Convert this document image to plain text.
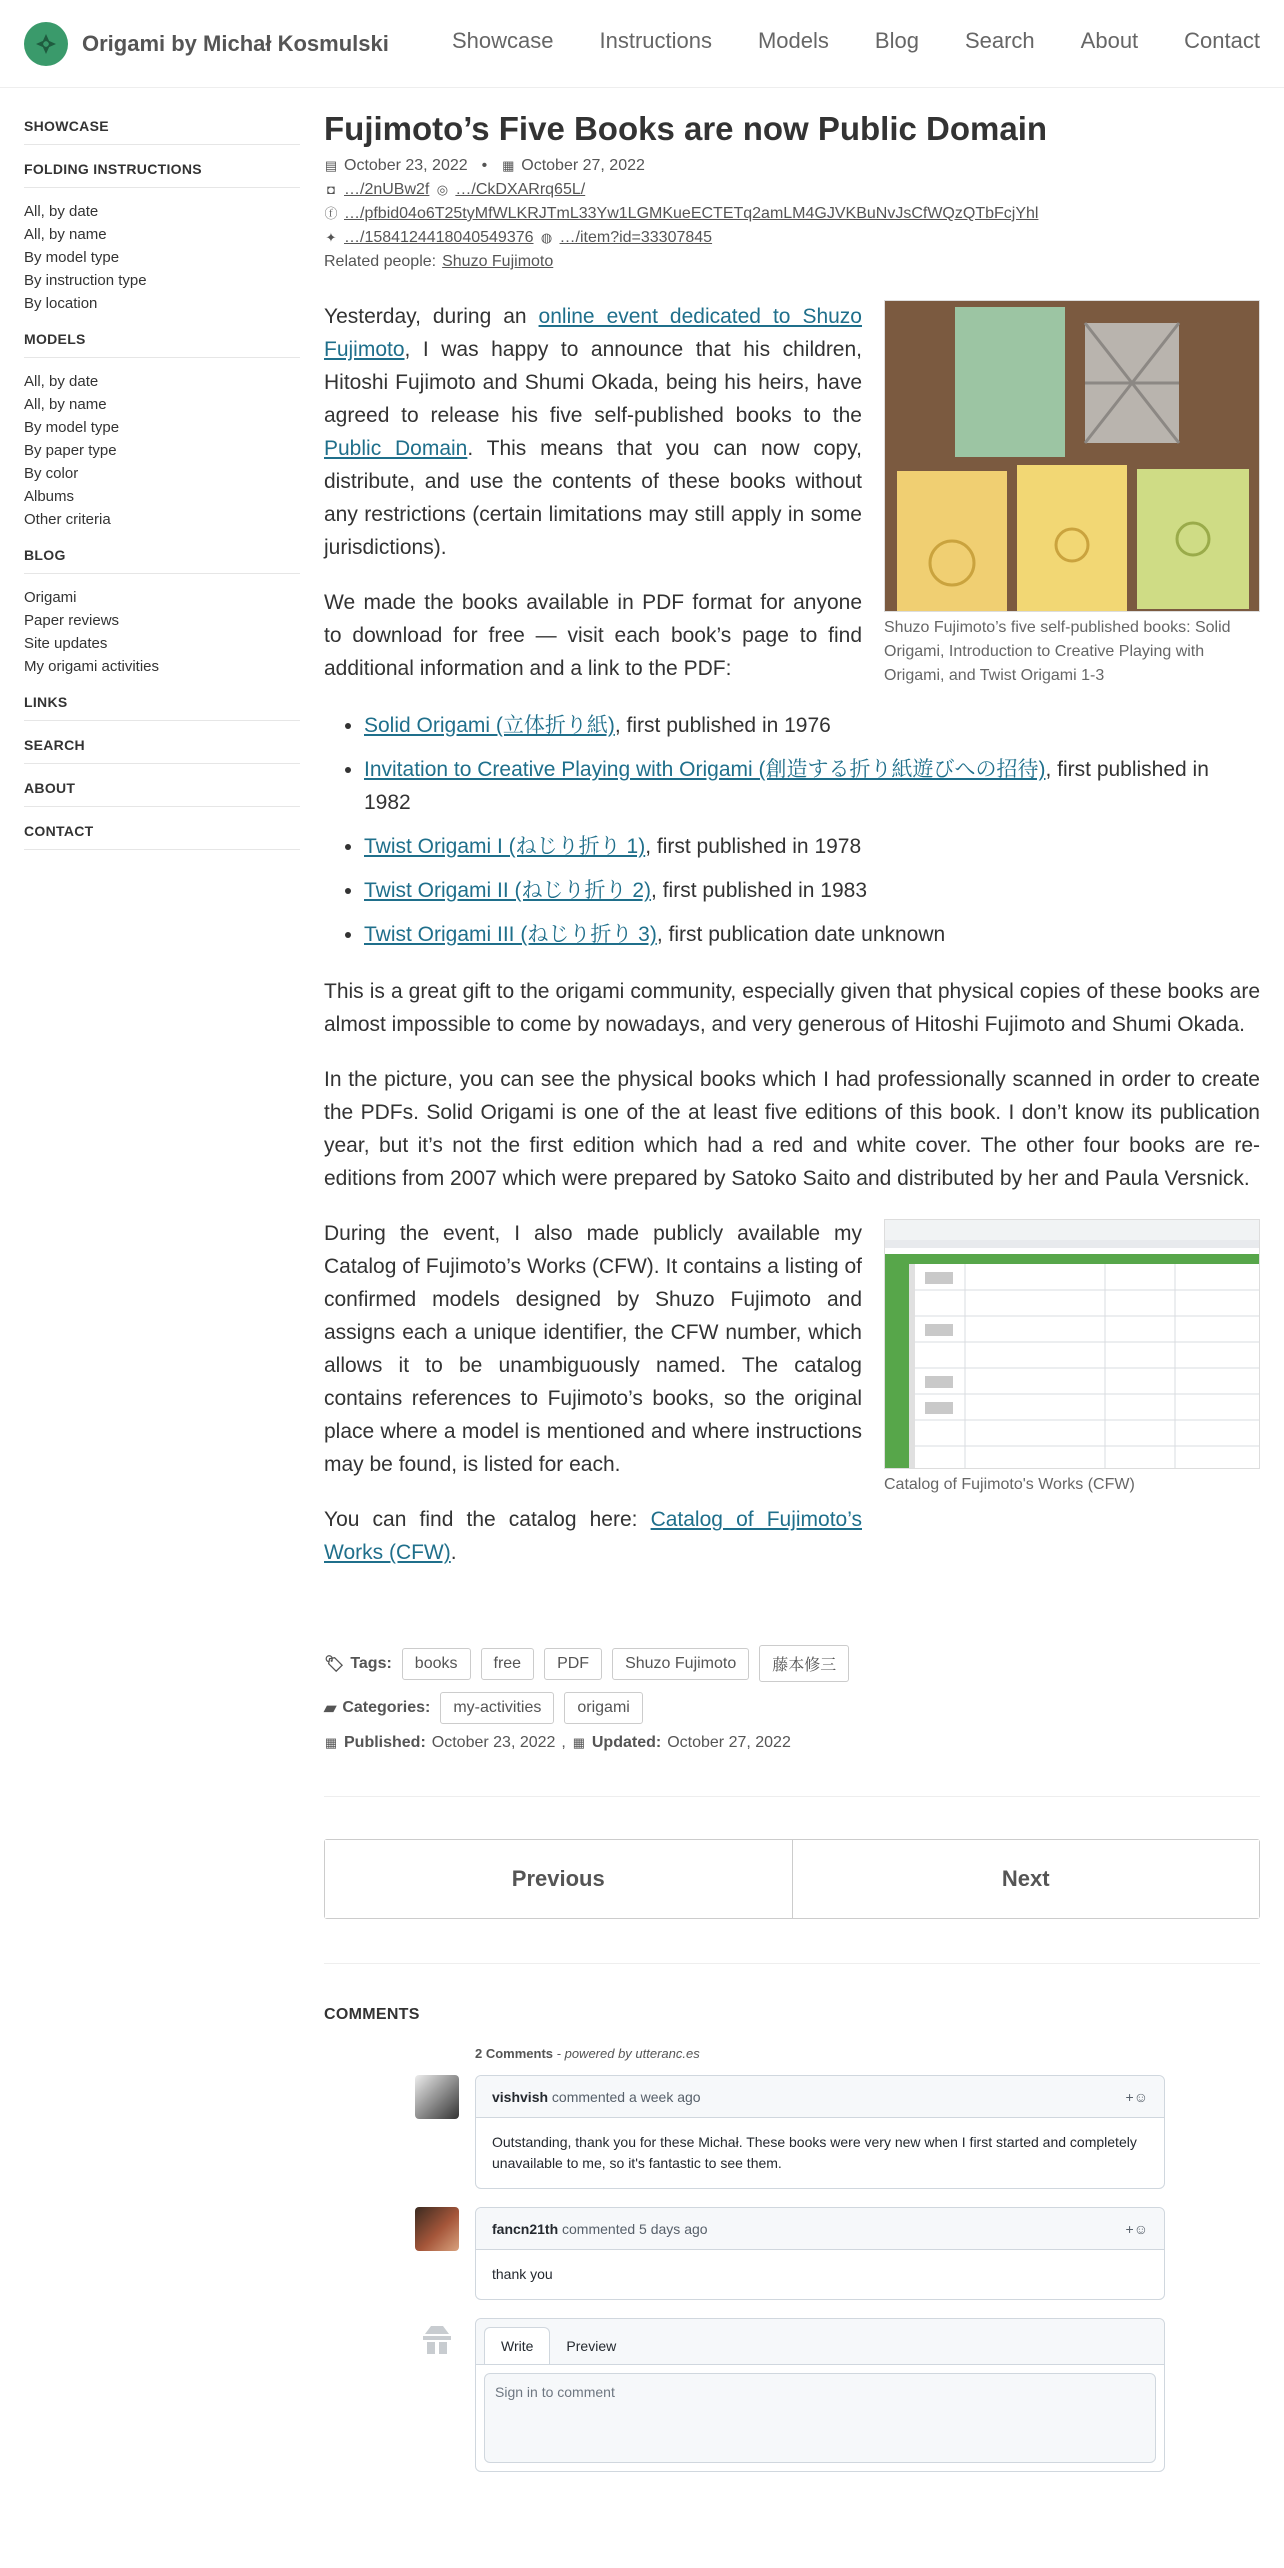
Origami by Michał Kosmulski	Showcase Instructions Models Blog Search About Contact
SHOWCASE
FOLDING INSTRUCTIONS
All, by date
All, by name
By model type
By instruction type
By location
MODELS
All, by date
All, by name
By model type
By paper type
By color
Albums
Other criteria
BLOG
Origami
Paper reviews
Site updates
My origami activities
LINKS
SEARCH
ABOUT
CONTACT
Fujimoto’s Five Books are now Public Domain
▤ October 23, 2022 • ▦ October 27, 2022
◘ …/2nUBw2f ◎ …/CkDXARrq65L/
ⓕ …/pfbid04o6T25tyMfWLKRJTmL33Yw1LGMKueECTETq2amLM4GJVKBuNvJsCfWQzQTbFcjYhl
✦ …/1584124418040549376 ◍ …/item?id=33307845
Related people: Shuzo Fujimoto
Shuzo Fujimoto’s five self-published books: Solid Origami, Introduction to Creative Playing with Origami, and Twist Origami 1-3

Yesterday, during an online event dedicated to Shuzo Fujimoto, I was happy to announce that his children, Hitoshi Fujimoto and Shumi Okada, being his heirs, have agreed to release his five self-published books to the Public Domain. This means that you can now copy, distribute, and use the contents of these books without any restrictions (certain limitations may still apply in some jurisdictions).

We made the books available in PDF format for anyone to download for free — visit each book’s page to find additional information and a link to the PDF:

• Solid Origami (立体折り紙), first published in 1976
• Invitation to Creative Playing with Origami (創造する折り紙遊びへの招待), first published in 1982
• Twist Origami I (ねじり折り 1), first published in 1978
• Twist Origami II (ねじり折り 2), first published in 1983
• Twist Origami III (ねじり折り 3), first publication date unknown

This is a great gift to the origami community, especially given that physical copies of these books are almost impossible to come by nowadays, and very generous of Hitoshi Fujimoto and Shumi Okada.

In the picture, you can see the physical books which I had professionally scanned in order to create the PDFs. Solid Origami is one of the at least five editions of this book. I don’t know its publication year, but it’s not the first edition which had a red and white cover. The other four books are re-editions from 2007 which were prepared by Satoko Saito and distributed by her and Paula Versnick.

Catalog of Fujimoto's Works (CFW)

During the event, I also made publicly available my Catalog of Fujimoto’s Works (CFW). It contains a listing of confirmed models designed by Shuzo Fujimoto and assigns each a unique identifier, the CFW number, which allows it to be unambiguously named. The catalog contains references to Fujimoto’s books, so the original place where a model is mentioned and where instructions may be found, is listed for each.

You can find the catalog here: Catalog of Fujimoto’s Works (CFW).

🏷 Tags:	books	free	PDF	Shuzo Fujimoto	藤本修三
▰ Categories:	my-activities	origami
▦ Published: October 23, 2022 , ▦ Updated: October 27, 2022
Previous	Next
COMMENTS
2 Comments - powered by utteranc.es
vishvish commented a week ago	+☺
Outstanding, thank you for these Michał. These books were very new when I first started and completely unavailable to me, so it's fantastic to see them.
fancn21th commented 5 days ago	+☺
thank you
Write	Preview
Sign in to comment
